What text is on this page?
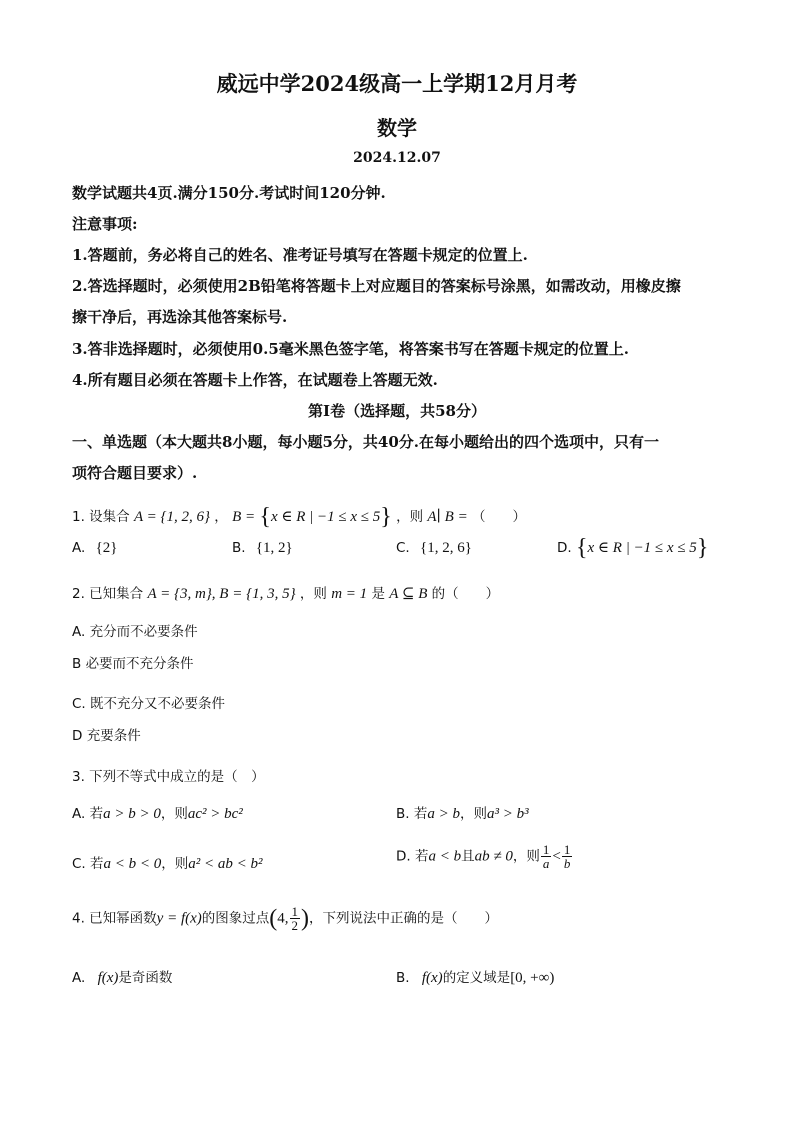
威远中学2024级高一上学期12月月考
数学
2024.12.07
数学试题共4页.满分150分.考试时间120分钟.
注意事项:
1.答题前，务必将自己的姓名、准考证号填写在答题卡规定的位置上.
2.答选择题时，必须使用2B铅笔将答题卡上对应题目的答案标号涂黑，如需改动，用橡皮擦
擦干净后，再选涂其他答案标号.
3.答非选择题时，必须使用0.5毫米黑色签字笔，将答案书写在答题卡规定的位置上.
4.所有题目必须在答题卡上作答，在试题卷上答题无效.
第Ⅰ卷（选择题，共58分）
一、单选题（本大题共8小题，每小题5分，共40分.在每小题给出的四个选项中，只有一
项符合题目要求）.
1. 设集合 A = {1, 2, 6} ， B = {x ∈ R | −1 ≤ x ≤ 5} ，则 A∣ B = （　　）
A. {2}	B. {1, 2}	C. {1, 2, 6}	D. {x ∈ R | −1 ≤ x ≤ 5}
2. 已知集合 A = {3, m}, B = {1, 3, 5} ，则 m = 1 是 A ⊆ B 的（　　）
A. 充分而不必要条件
B 必要而不充分条件
C. 既不充分又不必要条件
D 充要条件
3. 下列不等式中成立的是（　）
A. 若a > b > 0，则ac² > bc²	B. 若a > b，则a³ > b³
C. 若a < b < 0，则a² < ab < b²	D. 若a < b且ab ≠ 0，则 $\frac{1}{a} < \frac{1}{b}$
4. 已知幂函数y = f(x)的图象过点(4, $\frac{1}{2}$ )，下列说法中正确的是（　　）
A. f(x)是奇函数	B. f(x)的定义域是[0, +∞)
